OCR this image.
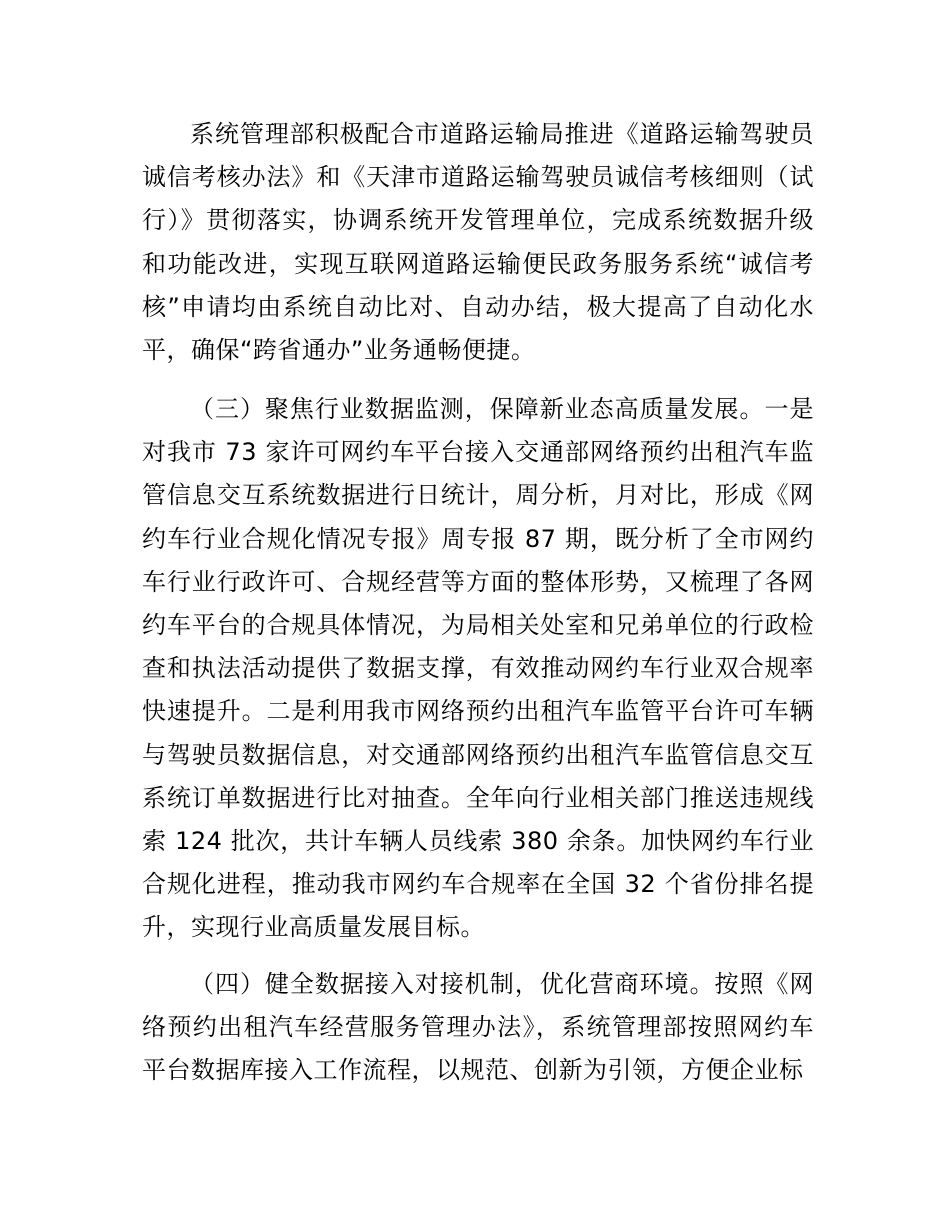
系统管理部积极配合市道路运输局推进《道路运输驾驶员诚信考核办法》和《天津市道路运输驾驶员诚信考核细则（试行）》贯彻落实，协调系统开发管理单位，完成系统数据升级和功能改进，实现互联网道路运输便民政务服务系统“诚信考核”申请均由系统自动比对、自动办结，极大提高了自动化水平，确保“跨省通办”业务通畅便捷。

（三）聚焦行业数据监测，保障新业态高质量发展。一是对我市 73 家许可网约车平台接入交通部网络预约出租汽车监管信息交互系统数据进行日统计，周分析，月对比，形成《网约车行业合规化情况专报》周专报 87 期，既分析了全市网约车行业行政许可、合规经营等方面的整体形势，又梳理了各网约车平台的合规具体情况，为局相关处室和兄弟单位的行政检查和执法活动提供了数据支撑，有效推动网约车行业双合规率快速提升。二是利用我市网络预约出租汽车监管平台许可车辆与驾驶员数据信息，对交通部网络预约出租汽车监管信息交互系统订单数据进行比对抽查。全年向行业相关部门推送违规线索 124 批次，共计车辆人员线索 380 余条。加快网约车行业合规化进程，推动我市网约车合规率在全国 32 个省份排名提升，实现行业高质量发展目标。

（四）健全数据接入对接机制，优化营商环境。按照《网络预约出租汽车经营服务管理办法》，系统管理部按照网约车平台数据库接入工作流程，以规范、创新为引领，方便企业标
